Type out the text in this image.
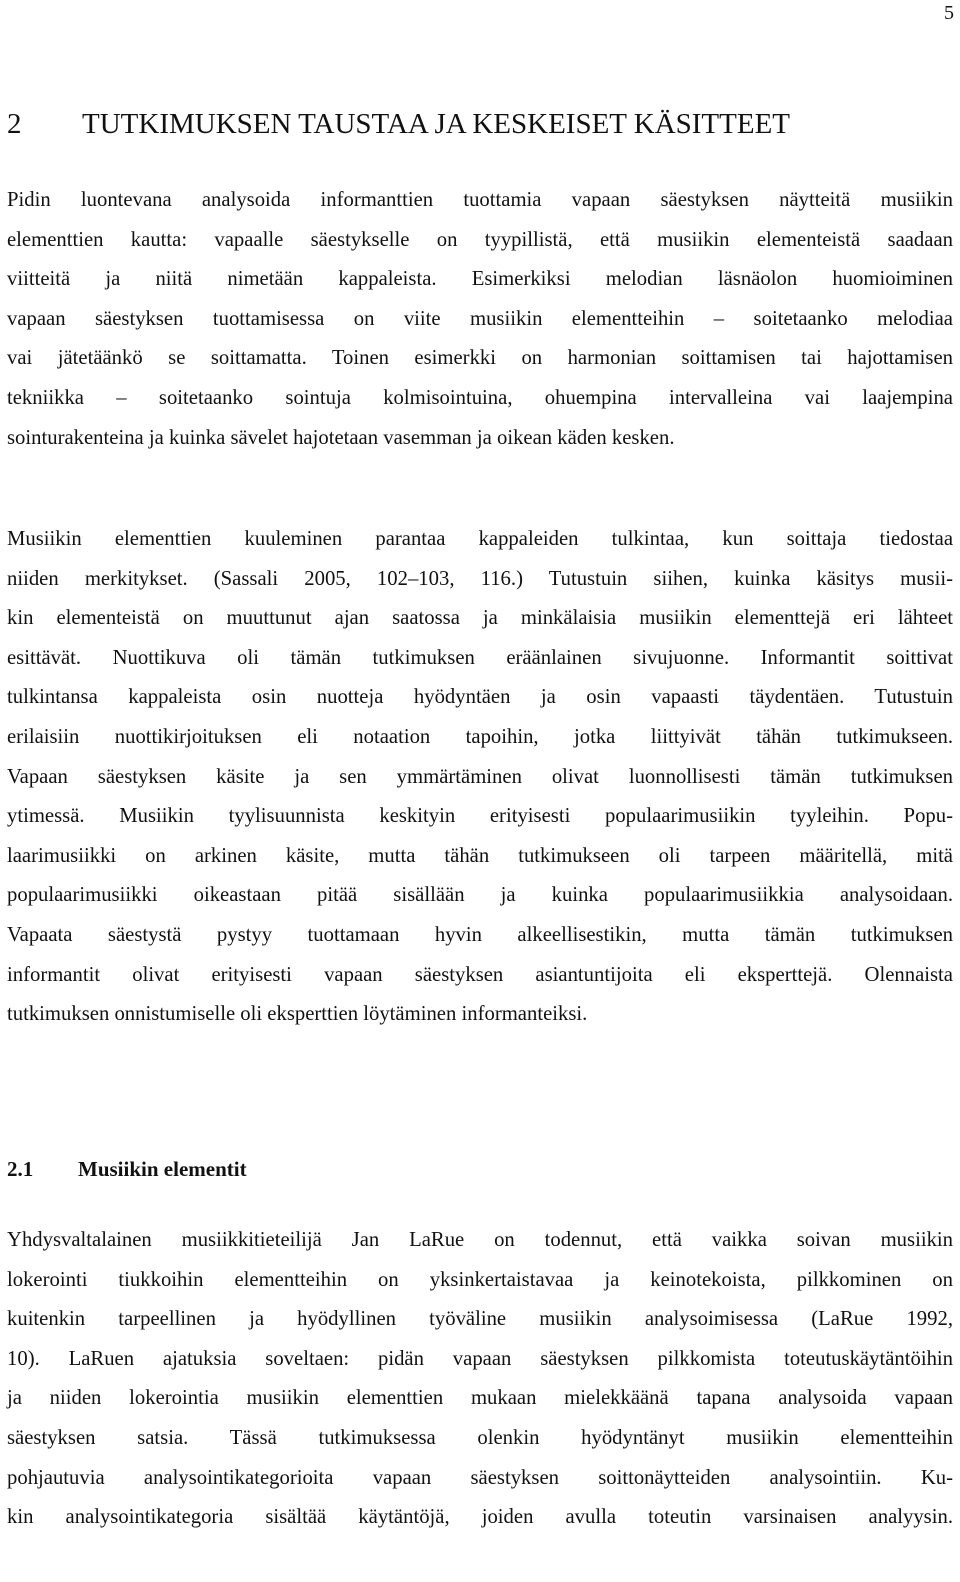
5
2 TUTKIMUKSEN TAUSTAA JA KESKEISET KÄSITTEET
Pidin luontevana analysoida informanttien tuottamia vapaan säestyksen näytteitä musiikin
elementtien kautta: vapaalle säestykselle on tyypillistä, että musiikin elementeistä saadaan
viitteitä ja niitä nimetään kappaleista. Esimerkiksi melodian läsnäolon huomioiminen
vapaan säestyksen tuottamisessa on viite musiikin elementteihin – soitetaanko melodiaa
vai jätetäänkö se soittamatta. Toinen esimerkki on harmonian soittamisen tai hajottamisen
tekniikka – soitetaanko sointuja kolmisointuina, ohuempina intervalleina vai laajempina
sointurakenteina ja kuinka sävelet hajotetaan vasemman ja oikean käden kesken.
Musiikin elementtien kuuleminen parantaa kappaleiden tulkintaa, kun soittaja tiedostaa
niiden merkitykset. (Sassali 2005, 102–103, 116.) Tutustuin siihen, kuinka käsitys musii-
kin elementeistä on muuttunut ajan saatossa ja minkälaisia musiikin elementtejä eri lähteet
esittävät. Nuottikuva oli tämän tutkimuksen eräänlainen sivujuonne. Informantit soittivat
tulkintansa kappaleista osin nuotteja hyödyntäen ja osin vapaasti täydentäen. Tutustuin
erilaisiin nuottikirjoituksen eli notaation tapoihin, jotka liittyivät tähän tutkimukseen.
Vapaan säestyksen käsite ja sen ymmärtäminen olivat luonnollisesti tämän tutkimuksen
ytimessä. Musiikin tyylisuunnista keskityin erityisesti populaarimusiikin tyyleihin. Popu-
laarimusiikki on arkinen käsite, mutta tähän tutkimukseen oli tarpeen määritellä, mitä
populaarimusiikki oikeastaan pitää sisällään ja kuinka populaarimusiikkia analysoidaan.
Vapaata säestystä pystyy tuottamaan hyvin alkeellisestikin, mutta tämän tutkimuksen
informantit olivat erityisesti vapaan säestyksen asiantuntijoita eli eksperttejä. Olennaista
tutkimuksen onnistumiselle oli eksperttien löytäminen informanteiksi.
2.1 Musiikin elementit
Yhdysvaltalainen musiikkitieteilijä Jan LaRue on todennut, että vaikka soivan musiikin
lokerointi tiukkoihin elementteihin on yksinkertaistavaa ja keinotekoista, pilkkominen on
kuitenkin tarpeellinen ja hyödyllinen työväline musiikin analysoimisessa (LaRue 1992,
10). LaRuen ajatuksia soveltaen: pidän vapaan säestyksen pilkkomista toteutuskäytäntöihin
ja niiden lokerointia musiikin elementtien mukaan mielekkäänä tapana analysoida vapaan
säestyksen satsia. Tässä tutkimuksessa olenkin hyödyntänyt musiikin elementteihin
pohjautuvia analysointikategorioita vapaan säestyksen soittonäytteiden analysointiin. Ku-
kin analysointikategoria sisältää käytäntöjä, joiden avulla toteutin varsinaisen analyysin.
